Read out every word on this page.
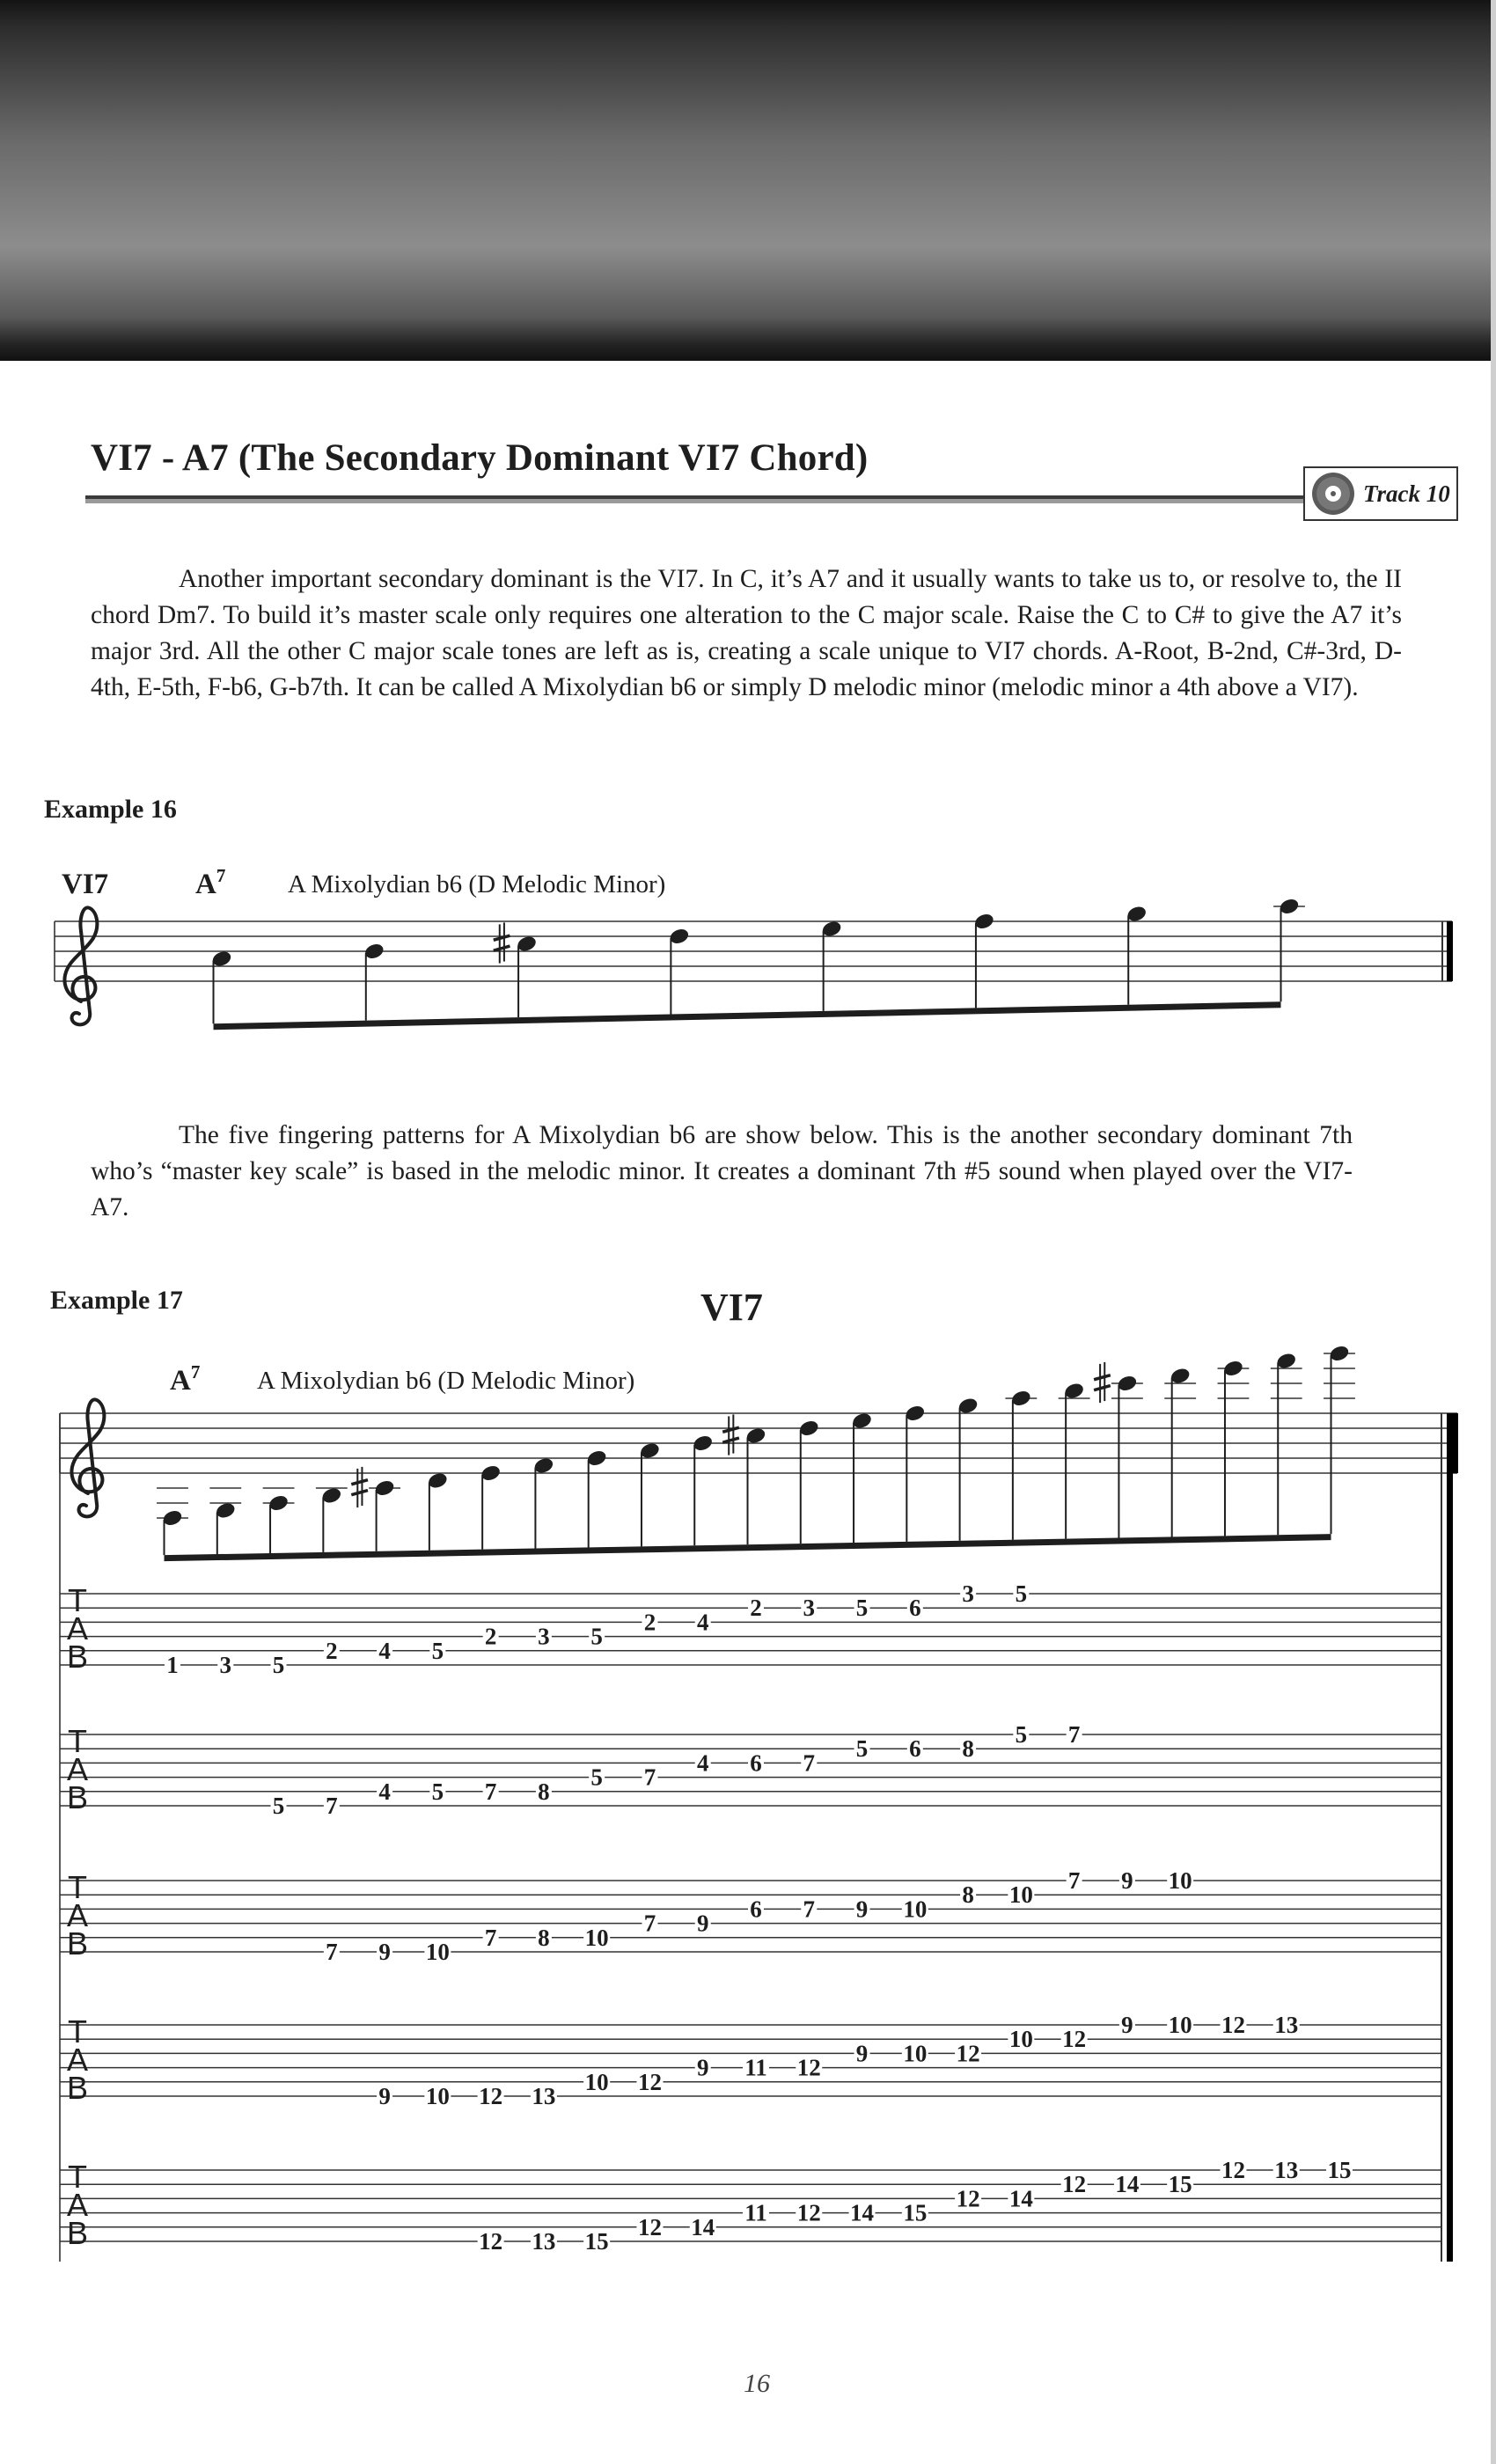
VI7 - A7 (The Secondary Dominant VI7 Chord)
Track 10

Another important secondary dominant is the VI7. In C, it’s A7 and it usually wants to take us to, or resolve to, the II chord Dm7. To build it’s master scale only requires one alteration to the C major scale. Raise the C to C# to give the A7 it’s major 3rd. All the other C major scale tones are left as is, creating a scale unique to VI7 chords. A-Root, B-2nd, C#-3rd, D-4th, E-5th, F-b6, G-b7th. It can be called A Mixolydian b6 or simply D melodic minor (melodic minor a 4th above a VI7).

Example 16
VI7	$A^7$ A Mixolydian b6 (D Melodic Minor)

The five fingering patterns for A Mixolydian b6 are show below. This is the another secondary dominant 7th who’s “master key scale” is based in the melodic minor. It creates a dominant 7th #5 sound when played over the VI7-A7.

Example 17	VI7
$A^7$ A Mixolydian b6 (D Melodic Minor)
T
A
B	1 3 5
2 4 5
2 3 5
2 4
2 3 5 6
3 5
T
A
B	5 7
4 5 7 8
5 7
4 6 7
5 6 8
5 7
T
A
B	7 9 10
7 8 10
7 9
6 7 9 10
8 10
7 9 10
T
A
B	9 10 12 13
10 12
9 11 12
9 10 12
10 12
9 10 12 13
T
A
B	12 13 15
12 14
11 12 14 15
12 14
12 14 15
12 13 15

16
